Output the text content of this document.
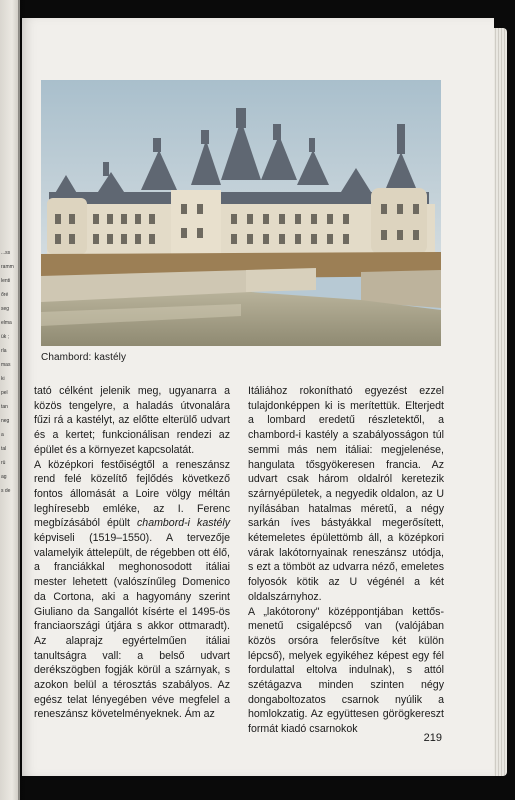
...ss
ramm
lenti
őré
seg
elma
ük ;
rla
mas
ki
pel
tan
neg
a
tal
rü
ag
s de
Chambord: kastély

tató célként jelenik meg, ugyanarra a közös tengelyre, a haladás útvonalára fűzi rá a kastélyt, az előtte elterülő udvart és a kertet; funkcionálisan rendezi az épület és a környezet kapcsolatát.

A középkori festőiségtől a reneszánsz rend felé közelítő fejlődés következő fontos állomását a Loire völgy méltán leghíresebb emléke, az I. Ferenc megbízásából épült chambord-i kastély képviseli (1519–1550). A tervezője valamelyik áttelepült, de régebben ott élő, a franciákkal meghonosodott itáliai mester lehetett (valószínűleg Domenico da Cortona, aki a hagyomány szerint Giuliano da Sangallót kísérte el 1495-ös franciaországi útjára s akkor ottmaradt). Az alaprajz egyértelműen itáliai tanultságra vall: a belső udvart derékszögben fogják körül a szárnyak, s azokon belül a térosztás szabályos. Az egész telat lényegében véve megfelel a reneszánsz követelményeknek. Ám az

Itáliához rokonítható egyezést ezzel tulajdonképpen ki is merítettük. Elterjedt a lombard eredetű részletektől, a chambord-i kastély a szabályosságon túl semmi más nem itáliai: megjelenése, hangulata tősgyökeresen francia. Az udvart csak három oldalról keretezik szárnyépületek, a negyedik oldalon, az U nyílásában hatalmas méretű, a négy sarkán íves bástyákkal megerősített, kétemeletes épülettömb áll, a középkori várak lakótornyainak reneszánsz utódja, s ezt a tömböt az udvarra néző, emeletes folyosók kötik az U végénél a két oldalszárnyhoz.

A „lakótorony" középpontjában kettős-menetű csigalépcső van (valójában közös orsóra felerősítve két külön lépcső), melyek egyikéhez képest egy fél fordulattal eltolva indulnak), s attól szétágazva minden szinten négy dongaboltozatos csarnok nyúlik a homlokzatig. Az együttesen görögkereszt formát kiadó csarnokok

219
